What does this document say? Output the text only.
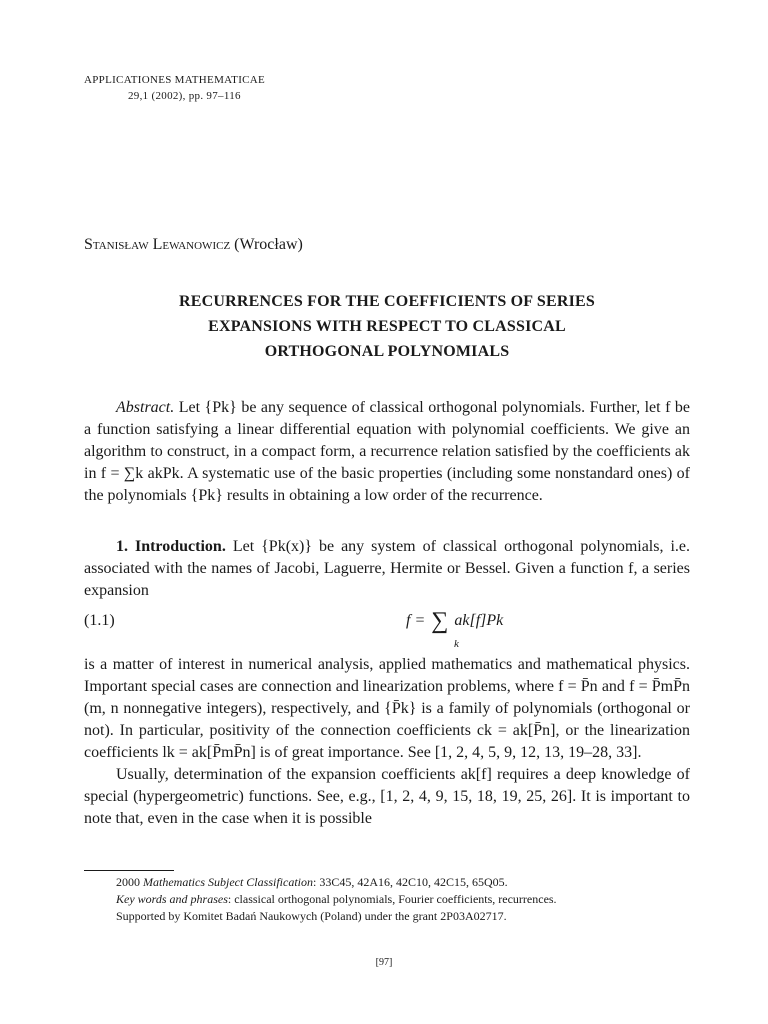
APPLICATIONES MATHEMATICAE
29,1 (2002), pp. 97–116
Stanisław Lewanowicz (Wrocław)
RECURRENCES FOR THE COEFFICIENTS OF SERIES
EXPANSIONS WITH RESPECT TO CLASSICAL
ORTHOGONAL POLYNOMIALS

Abstract. Let {Pk} be any sequence of classical orthogonal polynomials. Further, let f be a function satisfying a linear differential equation with polynomial coefficients. We give an algorithm to construct, in a compact form, a recurrence relation satisfied by the coefficients ak in f = ∑k akPk. A systematic use of the basic properties (including some nonstandard ones) of the polynomials {Pk} results in obtaining a low order of the recurrence.

1. Introduction. Let {Pk(x)} be any system of classical orthogonal polynomials, i.e. associated with the names of Jacobi, Laguerre, Hermite or Bessel. Given a function f, a series expansion

(1.1)	f = ∑ ak[f]Pk
k

is a matter of interest in numerical analysis, applied mathematics and mathematical physics. Important special cases are connection and linearization problems, where f = P̄n and f = P̄mP̄n (m, n nonnegative integers), respectively, and {P̄k} is a family of polynomials (orthogonal or not). In particular, positivity of the connection coefficients ck = ak[P̄n], or the linearization coefficients lk = ak[P̄mP̄n] is of great importance. See [1, 2, 4, 5, 9, 12, 13, 19–28, 33].

Usually, determination of the expansion coefficients ak[f] requires a deep knowledge of special (hypergeometric) functions. See, e.g., [1, 2, 4, 9, 15, 18, 19, 25, 26]. It is important to note that, even in the case when it is possible

2000 Mathematics Subject Classification: 33C45, 42A16, 42C10, 42C15, 65Q05.

Key words and phrases: classical orthogonal polynomials, Fourier coefficients, recurrences.

Supported by Komitet Badań Naukowych (Poland) under the grant 2P03A02717.

[97]
